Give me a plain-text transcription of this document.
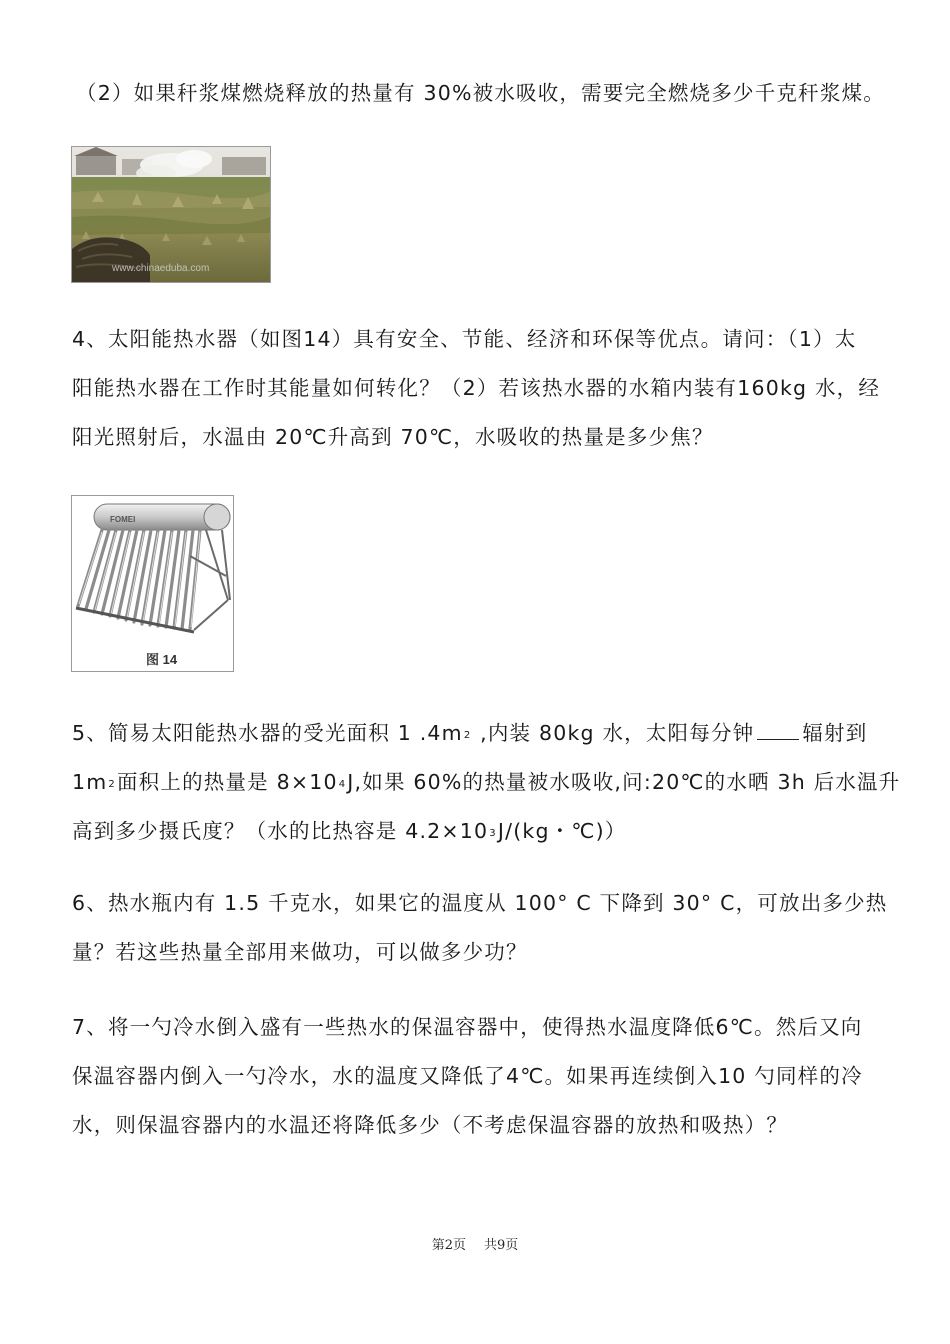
（2）如果秆浆煤燃烧释放的热量有 30%被水吸收，需要完全燃烧多少千克秆浆煤。
www.chinaeduba.com
4、太阳能热水器（如图14）具有安全、节能、经济和环保等优点。请问：（1）太
阳能热水器在工作时其能量如何转化？（2）若该热水器的水箱内装有160kg 水，经
阳光照射后，水温由 20℃升高到 70℃，水吸收的热量是多少焦？
FOMEI
图 14
5、简易太阳能热水器的受光面积 1 $.4m^2$ ,内装 80kg 水，太阳每分钟 辐射到
$1m^2$面积上的热量是 $8\times 10^4J$,如果 60%的热量被水吸收,问:20℃的水晒 3h 后水温升
高到多少摄氏度？（水的比热容是 $4.2\times 10^3J/(kg$・℃)）
6、热水瓶内有 1.5 千克水，如果它的温度从 100° C 下降到 30° C，可放出多少热
量？若这些热量全部用来做功，可以做多少功？
7、将一勺冷水倒入盛有一些热水的保温容器中，使得热水温度降低6℃。然后又向
保温容器内倒入一勺冷水，水的温度又降低了4℃。如果再连续倒入10 勺同样的冷
水，则保温容器内的水温还将降低多少（不考虑保温容器的放热和吸热）？
第2页 共9页
